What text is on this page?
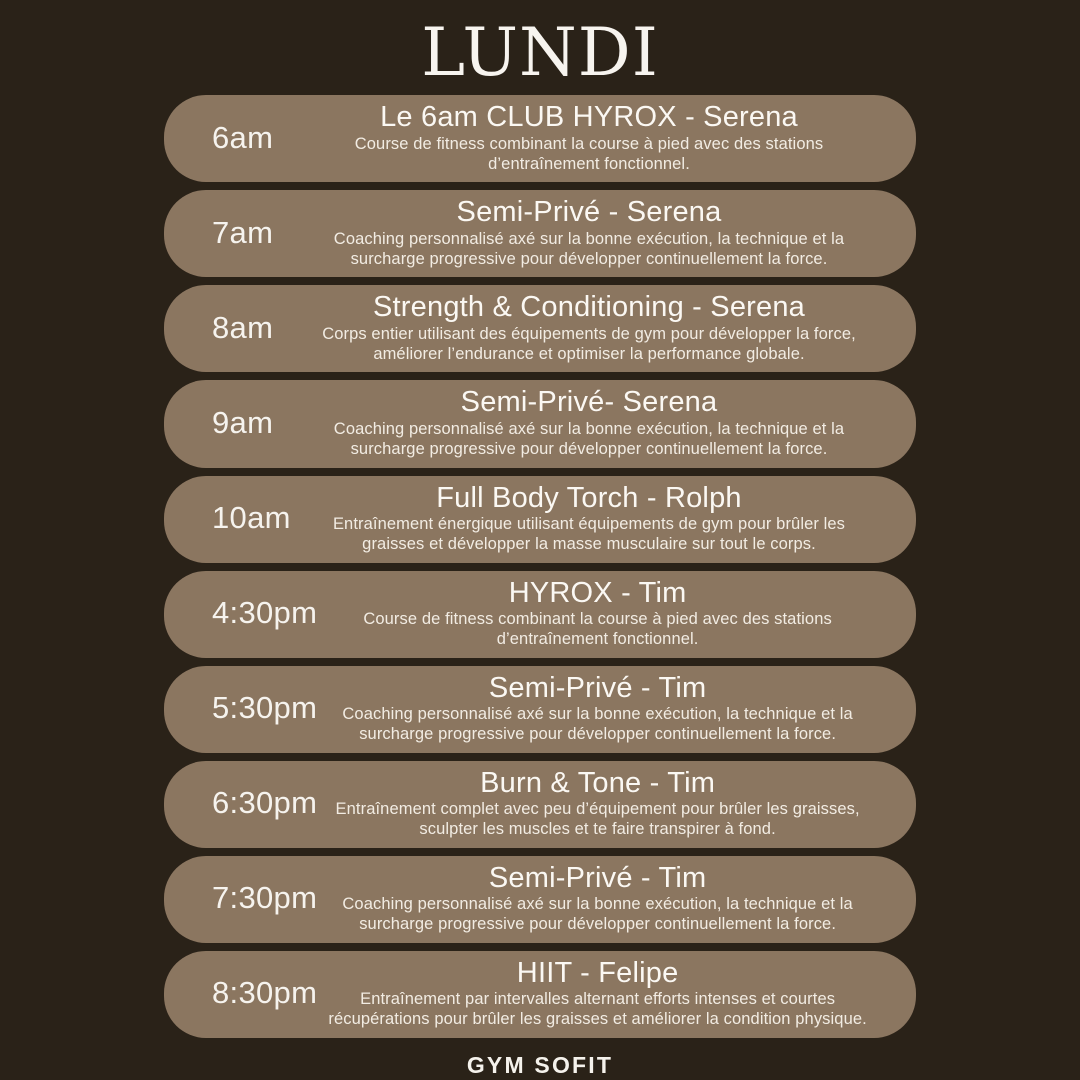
LUNDI
6am
Le 6am CLUB HYROX - Serena
Course de fitness combinant la course à pied avec des stations d’entraînement fonctionnel.
7am
Semi-Privé - Serena
Coaching personnalisé axé sur la bonne exécution, la technique et la surcharge progressive pour développer continuellement la force.
8am
Strength & Conditioning - Serena
Corps entier utilisant des équipements de gym pour développer la force, améliorer l’endurance et optimiser la performance globale.
9am
Semi-Privé- Serena
Coaching personnalisé axé sur la bonne exécution, la technique et la surcharge progressive pour développer continuellement la force.
10am
Full Body Torch - Rolph
Entraînement énergique utilisant équipements de gym pour brûler les graisses et développer la masse musculaire sur tout le corps.
4:30pm
HYROX - Tim
Course de fitness combinant la course à pied avec des stations d’entraînement fonctionnel.
5:30pm
Semi-Privé - Tim
Coaching personnalisé axé sur la bonne exécution, la technique et la surcharge progressive pour développer continuellement la force.
6:30pm
Burn & Tone - Tim
Entraînement complet avec peu d’équipement pour brûler les graisses, sculpter les muscles et te faire transpirer à fond.
7:30pm
Semi-Privé - Tim
Coaching personnalisé axé sur la bonne exécution, la technique et la surcharge progressive pour développer continuellement la force.
8:30pm
HIIT - Felipe
Entraînement par intervalles alternant efforts intenses et courtes récupérations pour brûler les graisses et améliorer la condition physique.
GYM SOFIT
